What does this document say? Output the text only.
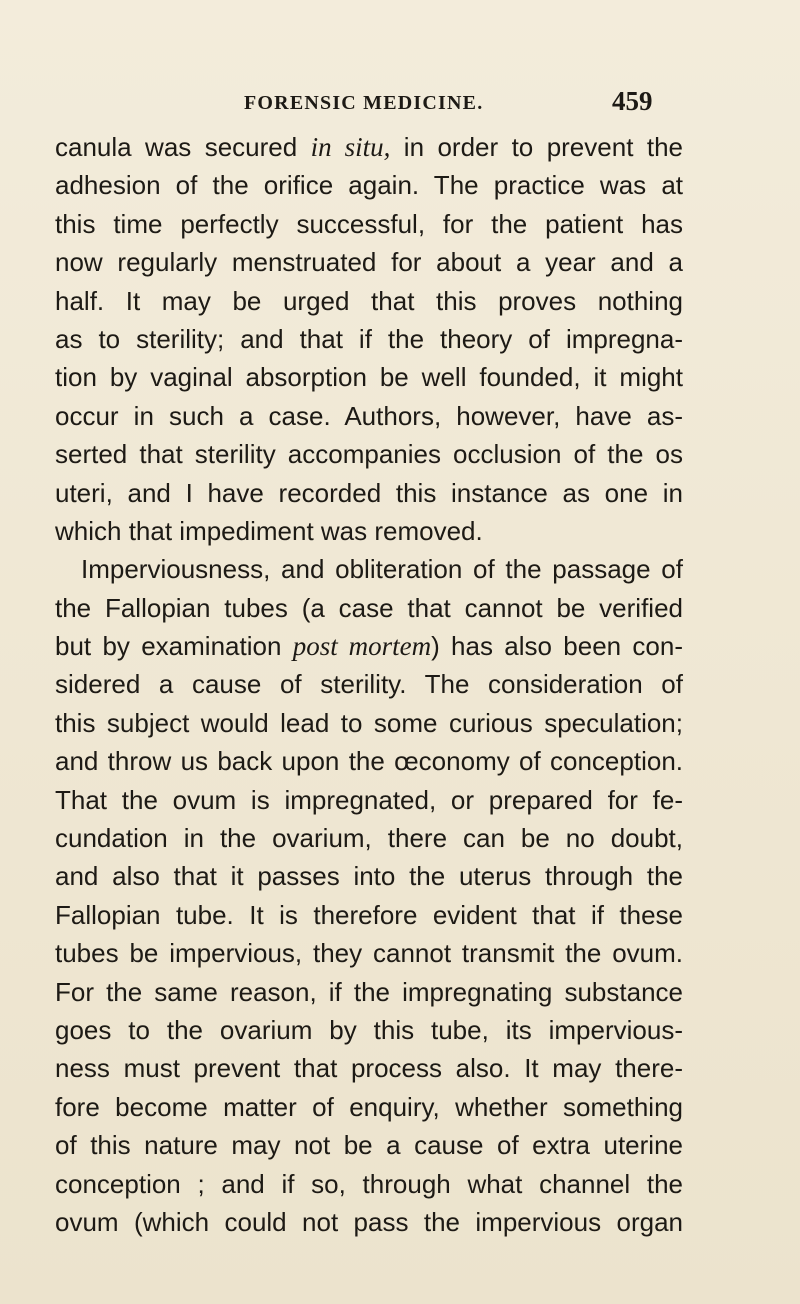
FORENSIC MEDICINE.	459
canula was secured in situ, in order to prevent the
adhesion of the orifice again. The practice was at
this time perfectly successful, for the patient has
now regularly menstruated for about a year and a
half. It may be urged that this proves nothing
as to sterility; and that if the theory of impregna-
tion by vaginal absorption be well founded, it might
occur in such a case. Authors, however, have as-
serted that sterility accompanies occlusion of the os
uteri, and I have recorded this instance as one in
which that impediment was removed.
Imperviousness, and obliteration of the passage of
the Fallopian tubes (a case that cannot be verified
but by examination post mortem) has also been con-
sidered a cause of sterility. The consideration of
this subject would lead to some curious speculation;
and throw us back upon the œconomy of conception.
That the ovum is impregnated, or prepared for fe-
cundation in the ovarium, there can be no doubt,
and also that it passes into the uterus through the
Fallopian tube. It is therefore evident that if these
tubes be impervious, they cannot transmit the ovum.
For the same reason, if the impregnating substance
goes to the ovarium by this tube, its impervious-
ness must prevent that process also. It may there-
fore become matter of enquiry, whether something
of this nature may not be a cause of extra uterine
conception ; and if so, through what channel the
ovum (which could not pass the impervious organ
